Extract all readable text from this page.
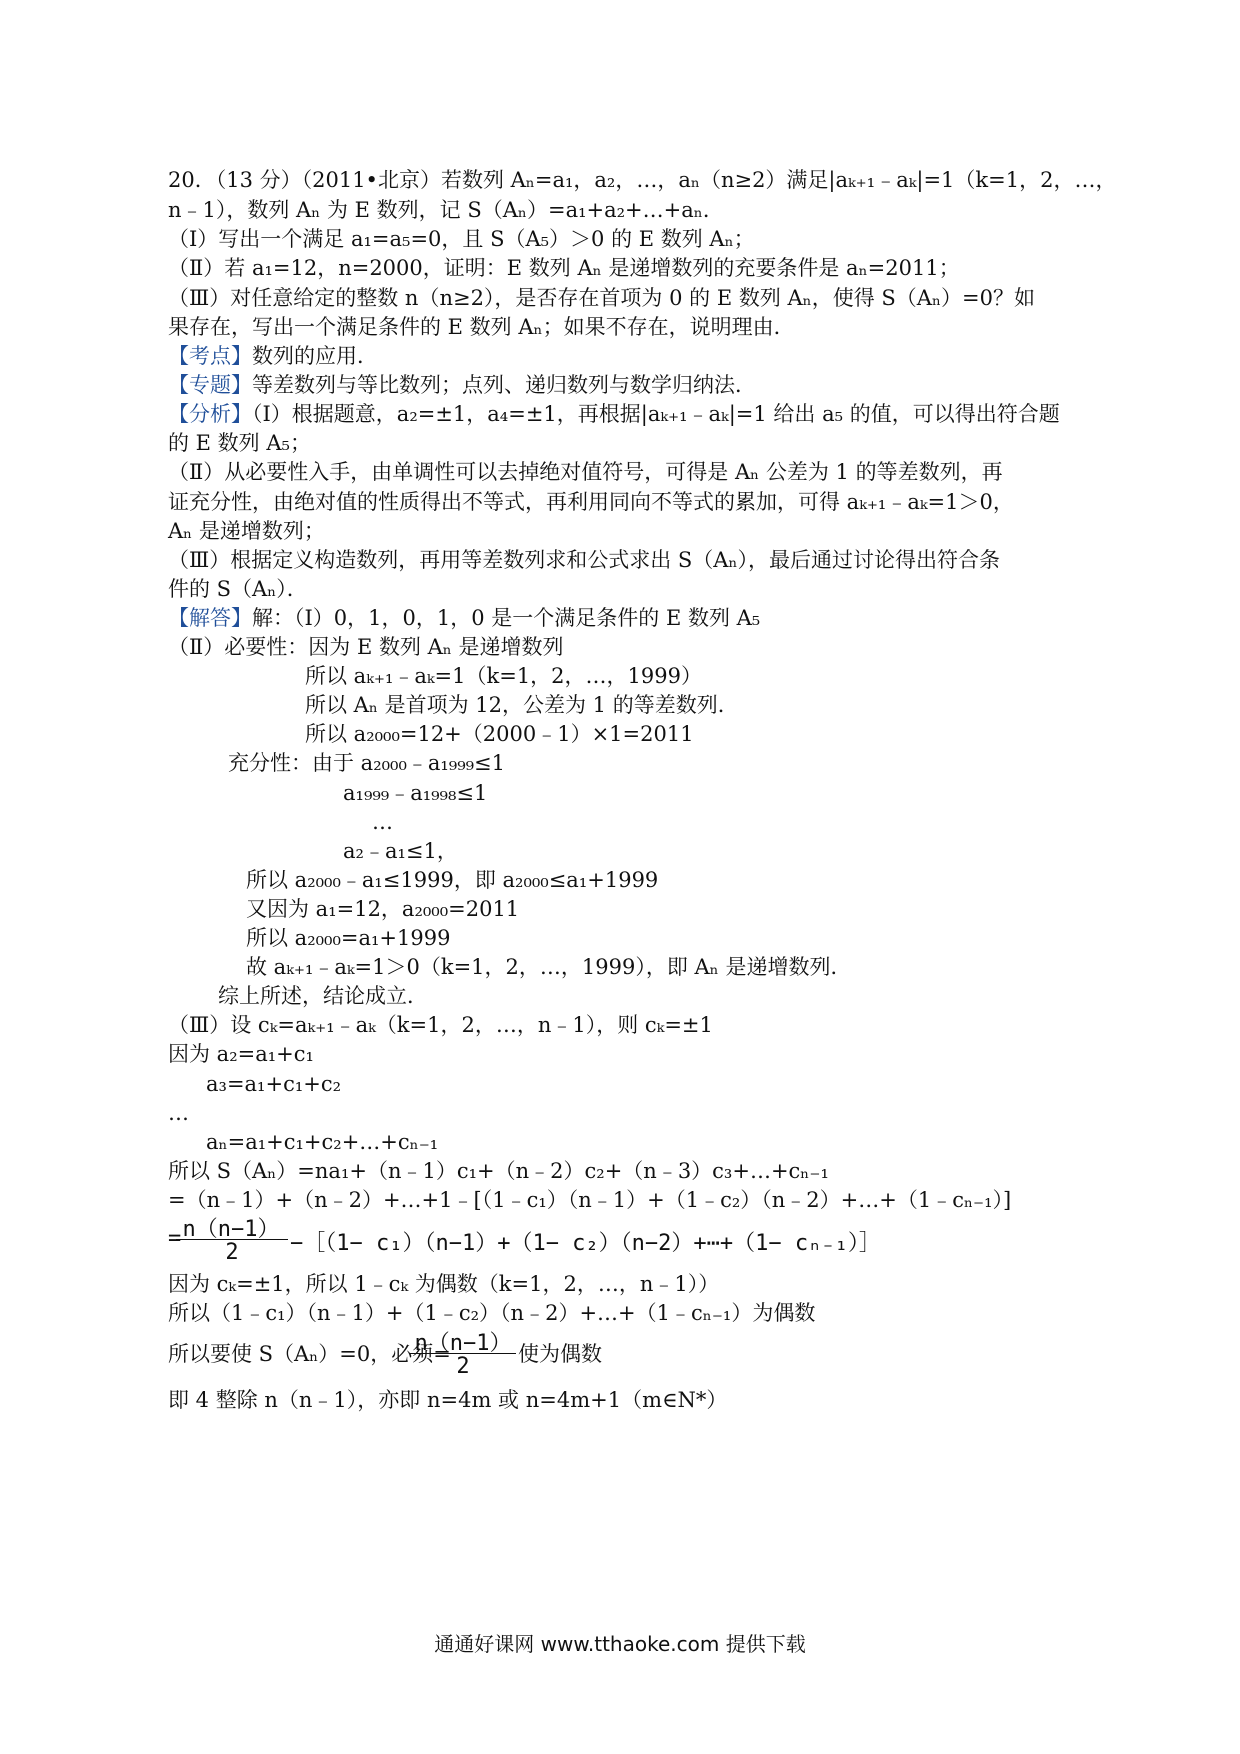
20．（13 分）（2011•北京）若数列 Aₙ=a₁，a₂，…，aₙ（n≥2）满足|aₖ₊₁﹣aₖ|=1（k=1，2，…，
n﹣1），数列 Aₙ 为 E 数列，记 S（Aₙ）=a₁+a₂+…+aₙ．
（Ⅰ）写出一个满足 a₁=a₅=0，且 S（A₅）＞0 的 E 数列 Aₙ；
（Ⅱ）若 a₁=12，n=2000，证明：E 数列 Aₙ 是递增数列的充要条件是 aₙ=2011；
（Ⅲ）对任意给定的整数 n（n≥2），是否存在首项为 0 的 E 数列 Aₙ，使得 S（Aₙ）=0？如
果存在，写出一个满足条件的 E 数列 Aₙ；如果不存在，说明理由．
【考点】数列的应用．
【专题】等差数列与等比数列；点列、递归数列与数学归纳法．
【分析】（Ⅰ）根据题意，a₂=±1，a₄=±1，再根据|aₖ₊₁﹣aₖ|=1 给出 a₅ 的值，可以得出符合题
的 E 数列 A₅；
（Ⅱ）从必要性入手，由单调性可以去掉绝对值符号，可得是 Aₙ 公差为 1 的等差数列，再
证充分性，由绝对值的性质得出不等式，再利用同向不等式的累加，可得 aₖ₊₁﹣aₖ=1＞0，
Aₙ 是递增数列；
（Ⅲ）根据定义构造数列，再用等差数列求和公式求出 S（Aₙ），最后通过讨论得出符合条
件的 S（Aₙ）．
【解答】解：（Ⅰ）0，1，0，1，0 是一个满足条件的 E 数列 A₅
（Ⅱ）必要性：因为 E 数列 Aₙ 是递增数列
所以 aₖ₊₁﹣aₖ=1（k=1，2，…，1999）
所以 Aₙ 是首项为 12，公差为 1 的等差数列．
所以 a₂₀₀₀=12+（2000﹣1）×1=2011
充分性：由于 a₂₀₀₀﹣a₁₉₉₉≤1
a₁₉₉₉﹣a₁₉₉₈≤1
…
a₂﹣a₁≤1，
所以 a₂₀₀₀﹣a₁≤1999，即 a₂₀₀₀≤a₁+1999
又因为 a₁=12，a₂₀₀₀=2011
所以 a₂₀₀₀=a₁+1999
故 aₖ₊₁﹣aₖ=1＞0（k=1，2，…，1999），即 Aₙ 是递增数列．
综上所述，结论成立．
（Ⅲ）设 cₖ=aₖ₊₁﹣aₖ（k=1，2，…，n﹣1），则 cₖ=±1
因为 a₂=a₁+c₁
a₃=a₁+c₁+c₂
…
aₙ=a₁+c₁+c₂+…+cₙ₋₁
所以 S（Aₙ）=na₁+（n﹣1）c₁+（n﹣2）c₂+（n﹣3）c₃+…+cₙ₋₁
=（n﹣1）+（n﹣2）+…+1﹣[（1﹣c₁）（n﹣1）+（1﹣c₂）（n﹣2）+…+（1﹣cₙ₋₁）]
= n（n−1）
2	−［（1− c₁）（n−1）+（1− c₂）（n−2）+⋯+（1− cₙ₋₁）］
因为 cₖ=±1，所以 1﹣cₖ 为偶数（k=1，2，…，n﹣1））
所以（1﹣c₁）（n﹣1）+（1﹣c₂）（n﹣2）+…+（1﹣cₙ₋₁）为偶数
所以要使 S（Aₙ）=0，必须=
n（n−1）
2	使为偶数
即 4 整除 n（n﹣1），亦即 n=4m 或 n=4m+1（m∈N*）
通通好课网 www.tthaoke.com 提供下载
